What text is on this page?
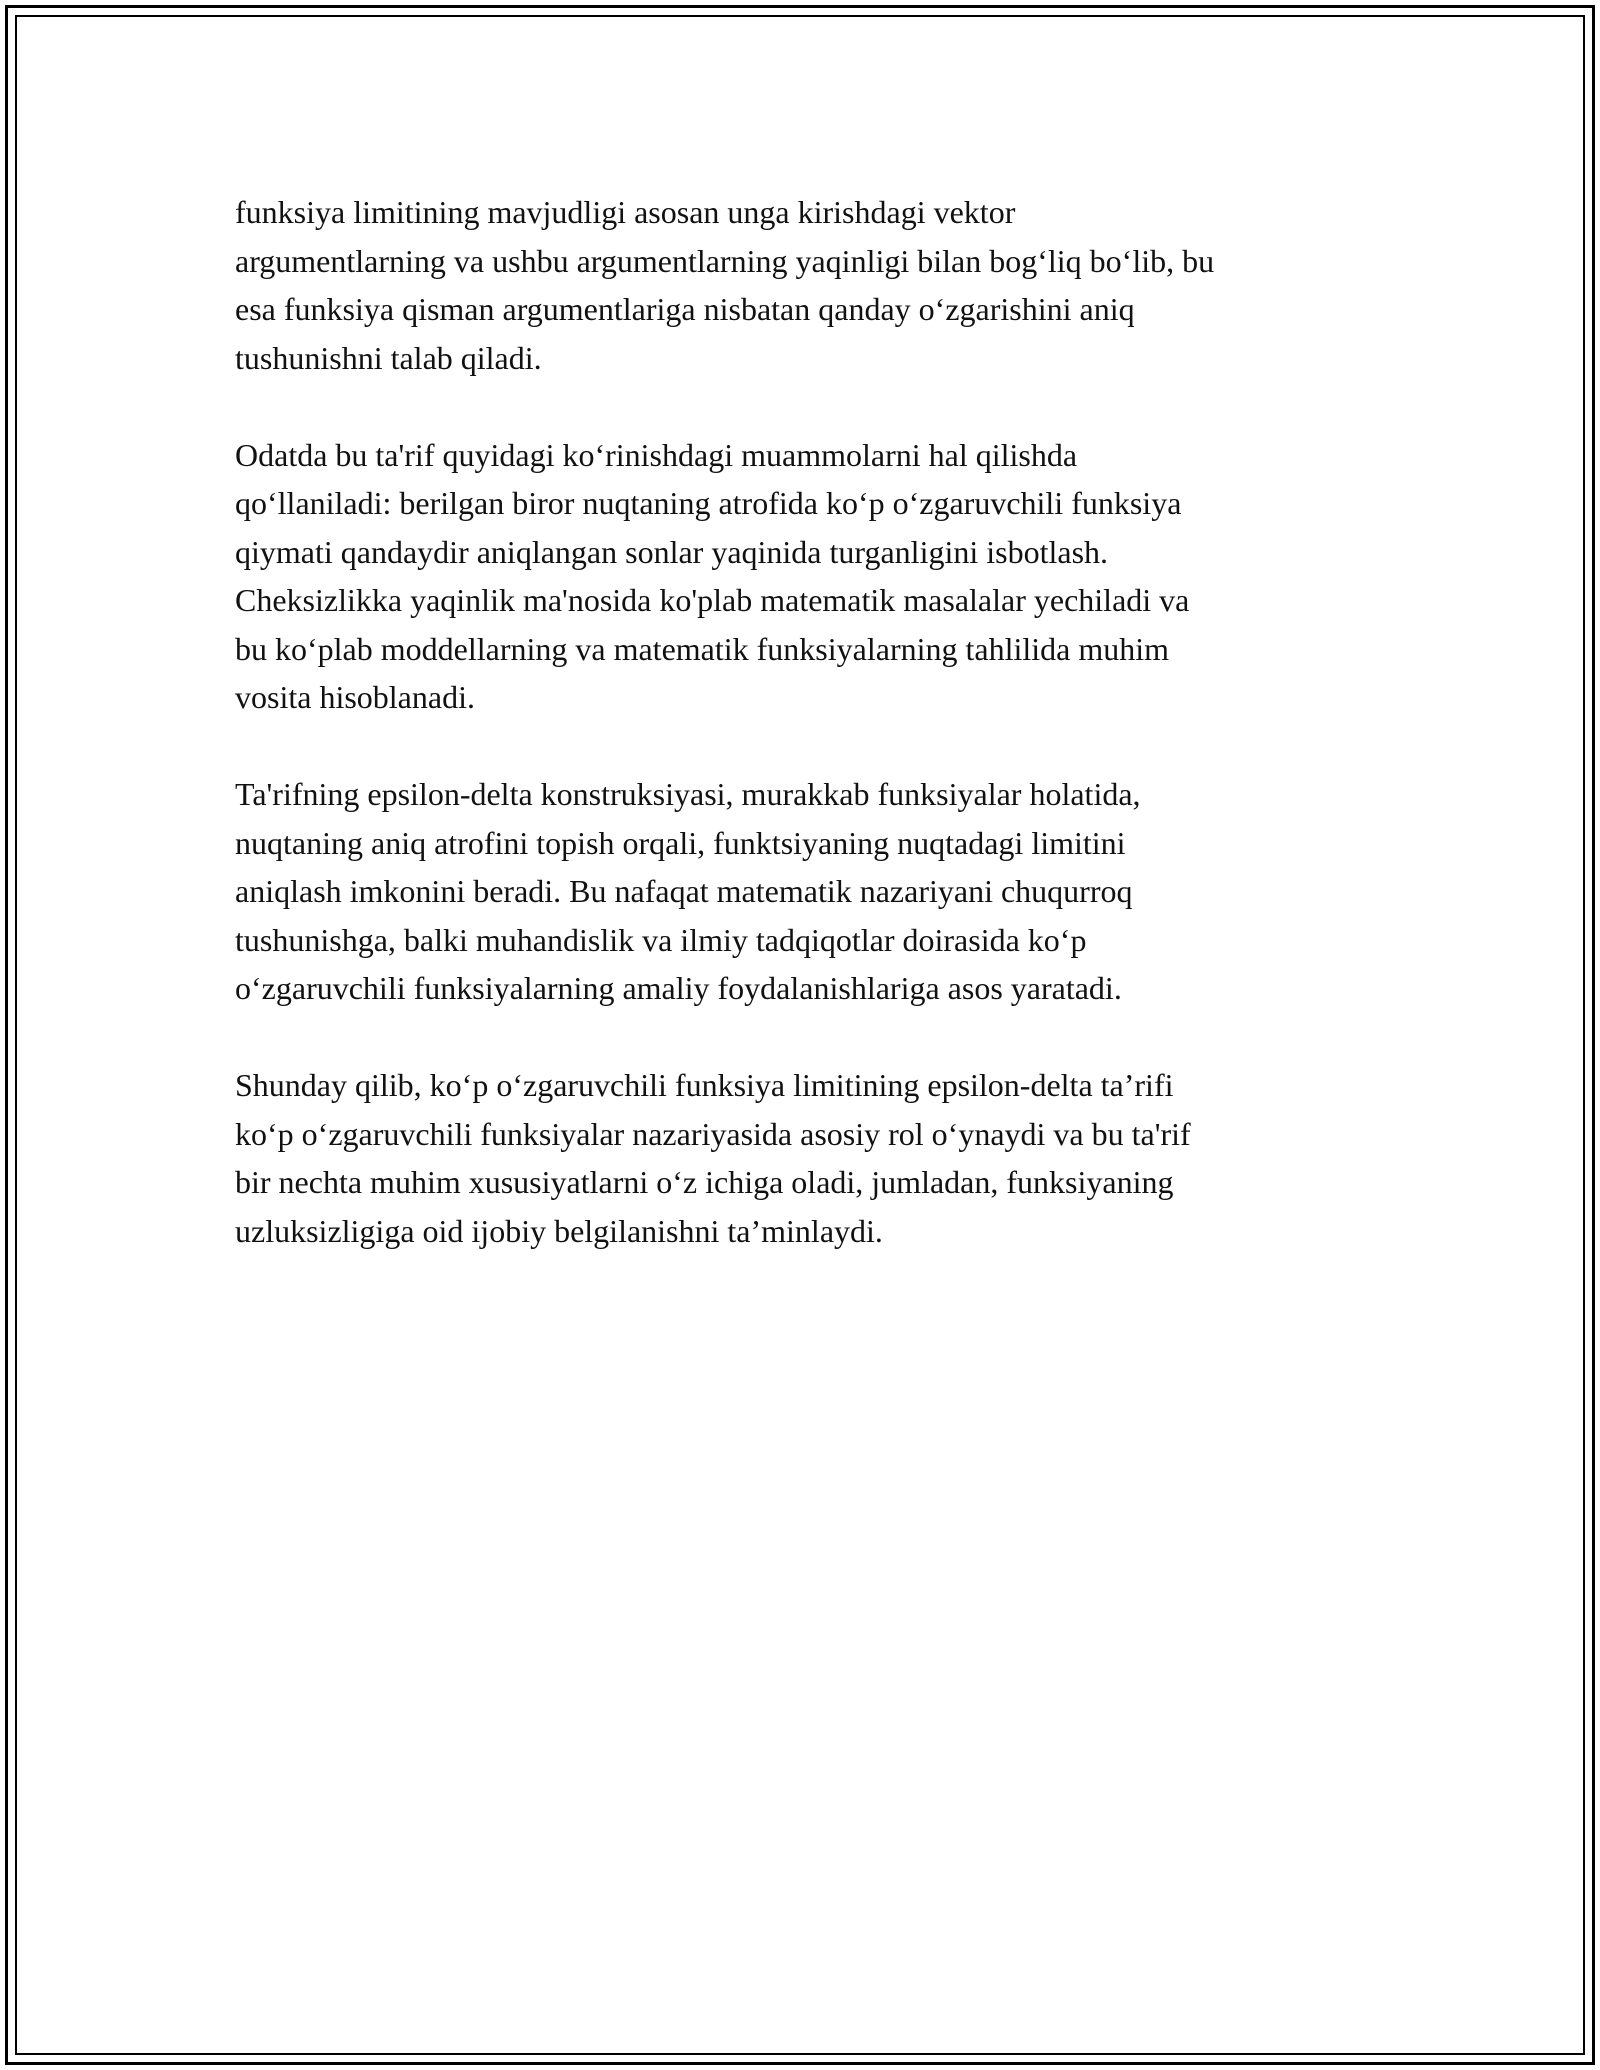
funksiya limitining mavjudligi asosan unga kirishdagi vektor
argumentlarning va ushbu argumentlarning yaqinligi bilan bog‘liq bo‘lib, bu
esa funksiya qisman argumentlariga nisbatan qanday o‘zgarishini aniq
tushunishni talab qiladi.

Odatda bu ta'rif quyidagi ko‘rinishdagi muammolarni hal qilishda
qo‘llaniladi: berilgan biror nuqtaning atrofida ko‘p o‘zgaruvchili funksiya
qiymati qandaydir aniqlangan sonlar yaqinida turganligini isbotlash.
Cheksizlikka yaqinlik ma'nosida ko'plab matematik masalalar yechiladi va
bu ko‘plab moddellarning va matematik funksiyalarning tahlilida muhim
vosita hisoblanadi.

Ta'rifning epsilon-delta konstruksiyasi, murakkab funksiyalar holatida,
nuqtaning aniq atrofini topish orqali, funktsiyaning nuqtadagi limitini
aniqlash imkonini beradi. Bu nafaqat matematik nazariyani chuqurroq
tushunishga, balki muhandislik va ilmiy tadqiqotlar doirasida ko‘p
o‘zgaruvchili funksiyalarning amaliy foydalanishlariga asos yaratadi.

Shunday qilib, ko‘p o‘zgaruvchili funksiya limitining epsilon-delta ta’rifi
ko‘p o‘zgaruvchili funksiyalar nazariyasida asosiy rol o‘ynaydi va bu ta'rif
bir nechta muhim xususiyatlarni o‘z ichiga oladi, jumladan, funksiyaning
uzluksizligiga oid ijobiy belgilanishni ta’minlaydi.
